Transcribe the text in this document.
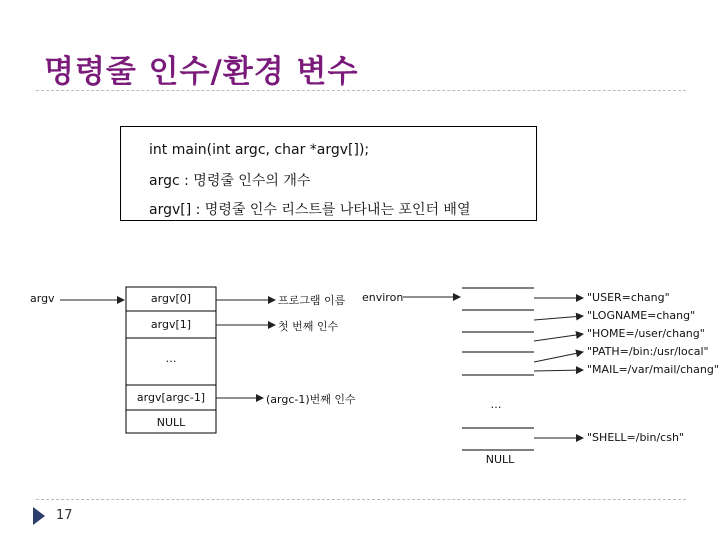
명령줄 인수/환경 변수
int main(int argc, char *argv[]);
argc : 명령줄 인수의 개수
argv[] : 명령줄 인수 리스트를 나타내는 포인터 배열
argv	argv[0]
argv[1]
…
argv[argc-1]
NULL
프로그램 이름
첫 번째 인수
(argc-1)번째 인수
environ
…
NULL
"USER=chang"
"LOGNAME=chang"
"HOME=/user/chang"
"PATH=/bin:/usr/local"
"MAIL=/var/mail/chang"
"SHELL=/bin/csh"
17
